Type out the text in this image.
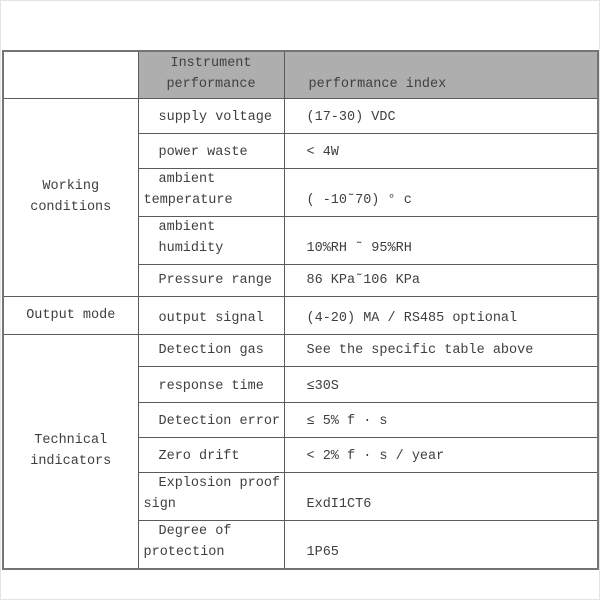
	Instrument
performance	performance index

Working
conditions	supply voltage	(17-30) VDC

	power waste	< 4W

	ambient
temperature	( -10˜70) ° c

	ambient humidity	10%RH ˜ 95%RH

	Pressure range	86 KPa˜106 KPa

Output mode	output signal	(4-20) MA / RS485 optional

Technical
indicators	Detection gas	See the specific table above

	response time	≤30S

	Detection error	≤ 5% f · s

	Zero drift	< 2% f · s / year

	Explosion proof
sign	ExdI1CT6

	Degree of
protection	1P65
